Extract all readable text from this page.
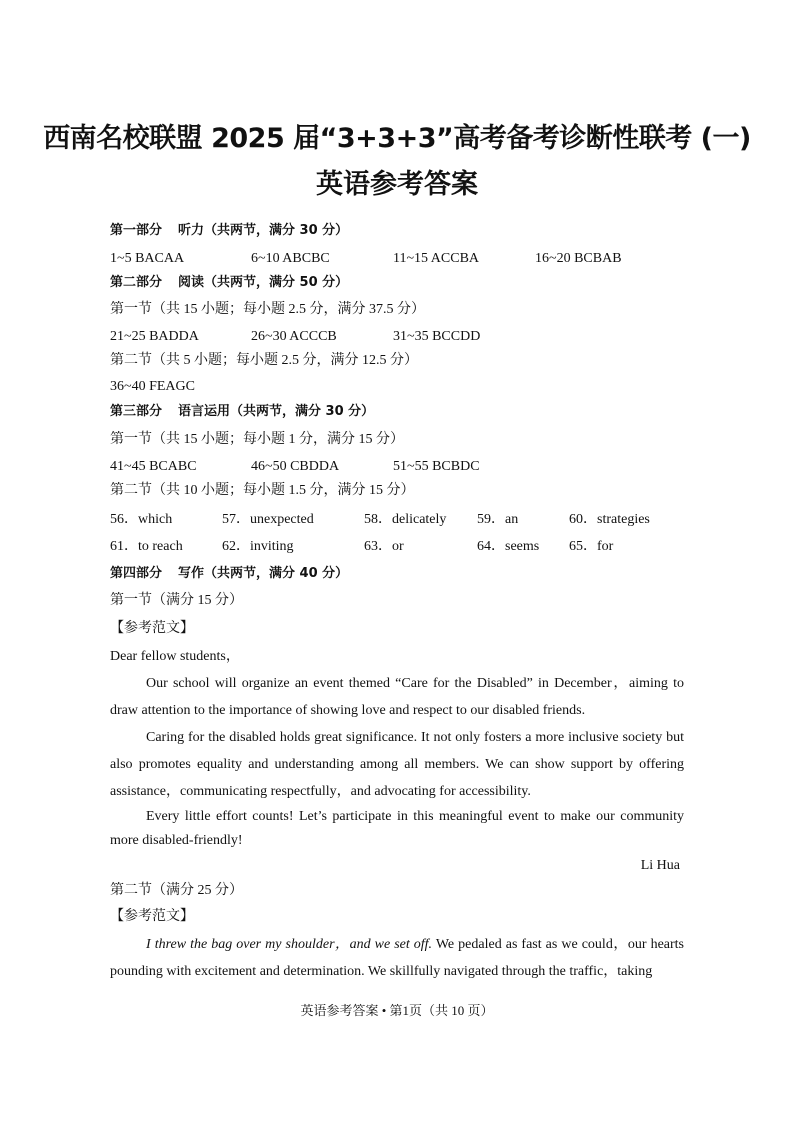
西南名校联盟 2025 届“3+3+3”高考备考诊断性联考 (一)
英语参考答案
第一部分 听力（共两节，满分 30 分）
1~5 BACAA	6~10 ABCBC	11~15 ACCBA	16~20 BCBAB
第二部分 阅读（共两节，满分 50 分）
第一节（共 15 小题；每小题 2.5 分，满分 37.5 分）
21~25 BADDA	26~30 ACCCB	31~35 BCCDD
第二节（共 5 小题；每小题 2.5 分，满分 12.5 分）
36~40 FEAGC
第三部分 语言运用（共两节，满分 30 分）
第一节（共 15 小题；每小题 1 分，满分 15 分）
41~45 BCABC	46~50 CBDDA	51~55 BCBDC
第二节（共 10 小题；每小题 1.5 分，满分 15 分）
56．which	57．unexpected	58．delicately 59．an	60．strategies
61．to reach	62．inviting	63．or	64．seems 65．for
第四部分 写作（共两节，满分 40 分）
第一节（满分 15 分）
【参考范文】
Dear fellow students，
Our school will organize an event themed “Care for the Disabled” in December，aiming to draw attention to the importance of showing love and respect to our disabled friends.
Caring for the disabled holds great significance. It not only fosters a more inclusive society but also promotes equality and understanding among all members. We can show support by offering assistance，communicating respectfully，and advocating for accessibility.
Every little effort counts! Let’s participate in this meaningful event to make our community more disabled-friendly!
Li Hua
第二节（满分 25 分）
【参考范文】
I threw the bag over my shoulder，and we set off. We pedaled as fast as we could，our hearts pounding with excitement and determination. We skillfully navigated through the traffic，taking
英语参考答案 • 第1页（共 10 页）
